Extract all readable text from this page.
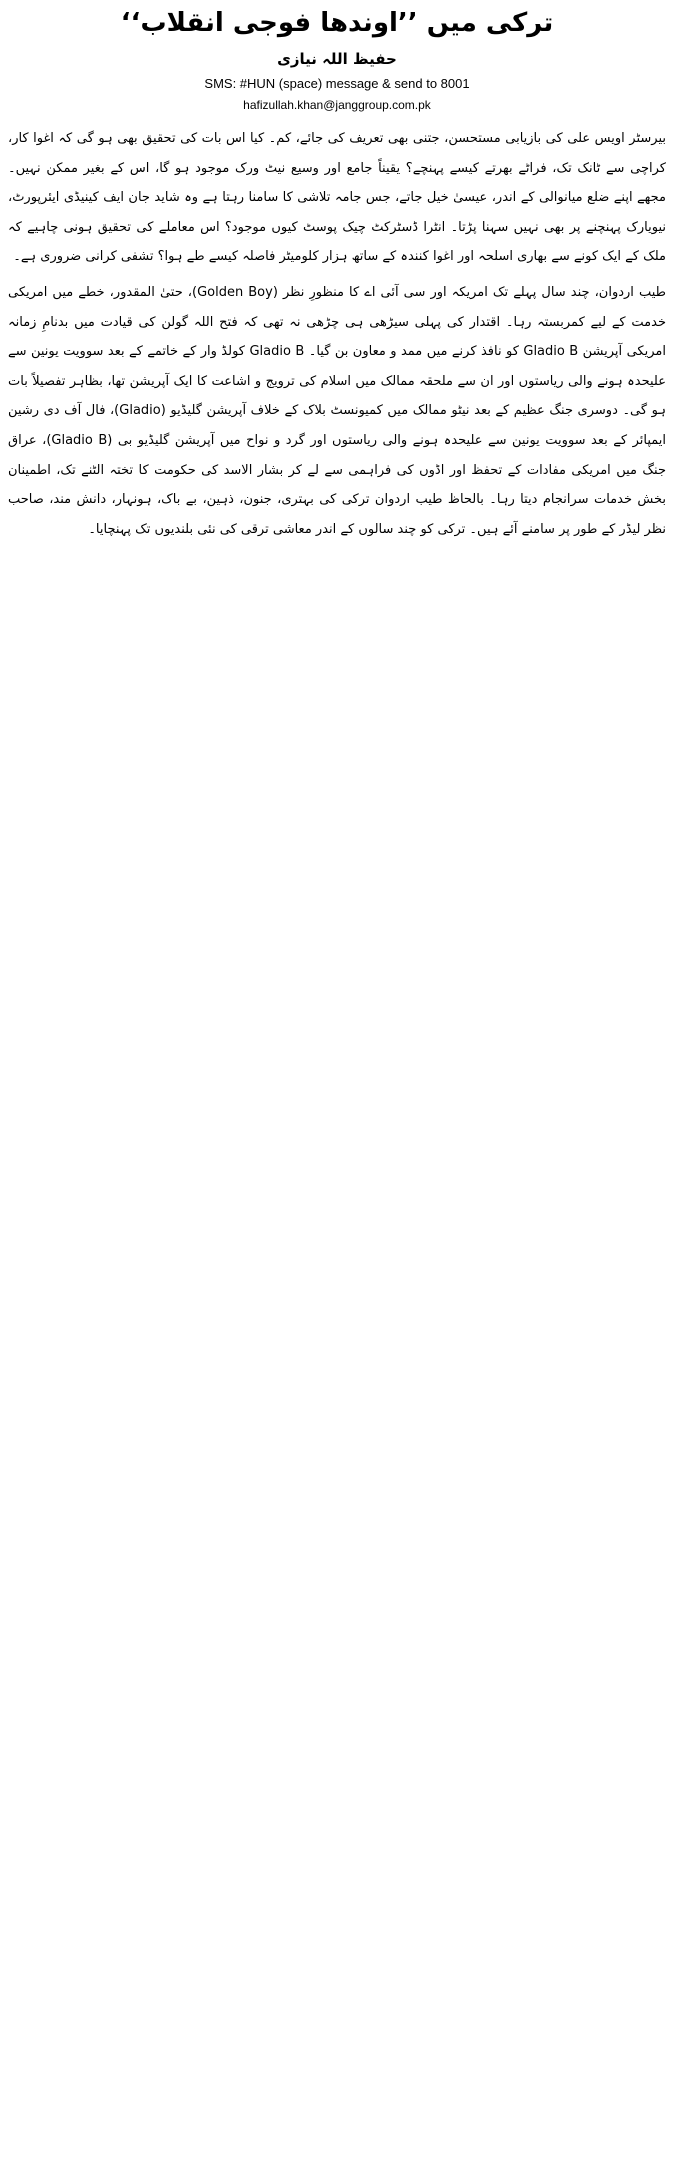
ترکی میں ’’اوندھا فوجی انقلاب‘‘
حفیظ اللہ نیازی
SMS: #HUN (space) message & send to 8001
hafizullah.khan@janggroup.com.pk

بیرسٹر اویس علی کی بازیابی مستحسن، جتنی بھی تعریف کی جائے، کم۔ کیا اس بات کی تحقیق بھی ہو گی کہ اغوا کار، کراچی سے ٹانک تک، فراٹے بھرتے کیسے پہنچے؟ یقیناً جامع اور وسیع نیٹ ورک موجود ہو گا، اس کے بغیر ممکن نہیں۔ مجھے اپنے ضلع میانوالی کے اندر، عیسیٰ خیل جاتے، جس جامہ تلاشی کا سامنا رہتا ہے وہ شاید جان ایف کینیڈی ایئرپورٹ، نیویارک پہنچنے پر بھی نہیں سہنا پڑتا۔ انٹرا ڈسٹرکٹ چیک پوسٹ کیوں موجود؟ اس معاملے کی تحقیق ہونی چاہیے کہ ملک کے ایک کونے سے بھاری اسلحہ اور اغوا کنندہ کے ساتھ ہزار کلومیٹر فاصلہ کیسے طے ہوا؟ تشفی کرانی ضروری ہے۔

طیب اردوان، چند سال پہلے تک امریکہ اور سی آئی اے کا منظورِ نظر (Golden Boy)، حتیٰ المقدور، خطے میں امریکی خدمت کے لیے کمربستہ رہا۔ اقتدار کی پہلی سیڑھی ہی چڑھی نہ تھی کہ فتح اللہ گولن کی قیادت میں بدنامِ زمانہ امریکی آپریشن Gladio B کو نافذ کرنے میں ممد و معاون بن گیا۔ Gladio B کولڈ وار کے خاتمے کے بعد سوویت یونین سے علیحدہ ہونے والی ریاستوں اور ان سے ملحقہ ممالک میں اسلام کی ترویج و اشاعت کا ایک آپریشن تھا، بظاہر تفصیلاً بات ہو گی۔ دوسری جنگ عظیم کے بعد نیٹو ممالک میں کمیونسٹ بلاک کے خلاف آپریشن گلیڈیو (Gladio)، فال آف دی رشین ایمپائر کے بعد سوویت یونین سے علیحدہ ہونے والی ریاستوں اور گرد و نواح میں آپریشن گلیڈیو بی (Gladio B)، عراق جنگ میں امریکی مفادات کے تحفظ اور اڈوں کی فراہمی سے لے کر بشار الاسد کی حکومت کا تختہ الٹنے تک، اطمینان بخش خدمات سرانجام دیتا رہا۔ بالحاظ طیب اردوان ترکی کی بہتری، جنون، ذہین، بے باک، ہونہار، دانش مند، صاحب نظر لیڈر کے طور پر سامنے آئے ہیں۔ ترکی کو چند سالوں کے اندر معاشی ترقی کی نئی بلندیوں تک پہنچایا۔
